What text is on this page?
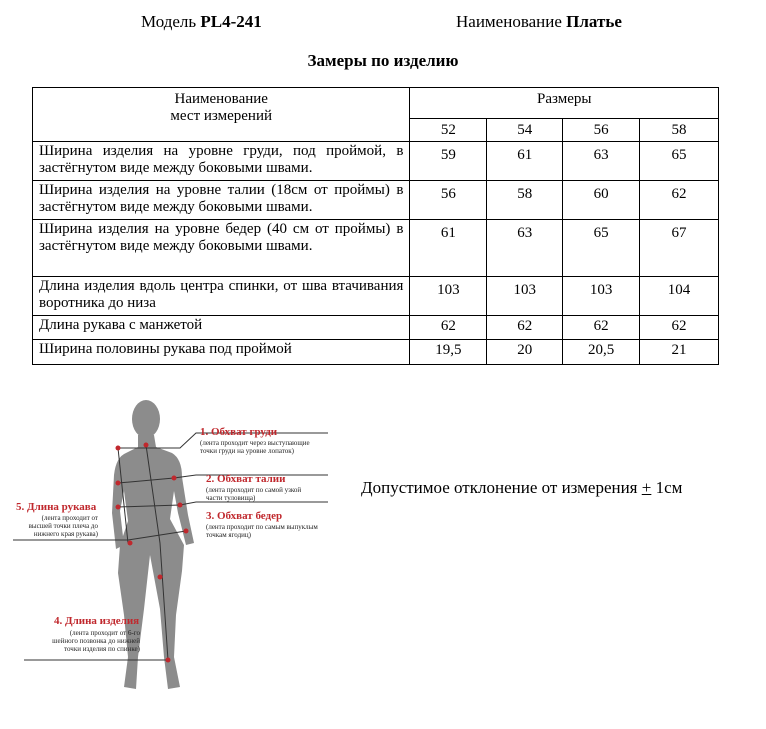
Модель PL4-241	Наименование Платье
Замеры по изделию
Наименование
мест измерений	Размеры			
	52	54	56	58
Ширина изделия на уровне груди, под проймой, в застёгнутом виде между боковыми швами.	59	61	63	65
Ширина изделия на уровне талии (18см от проймы) в застёгнутом виде между боковыми швами.	56	58	60	62
Ширина изделия на уровне бедер (40 см от проймы) в застёгнутом виде между боковыми швами.	61	63	65	67
Длина изделия вдоль центра спинки, от шва втачивания воротника до низа	103	103	103	104
Длина рукава с манжетой	62	62	62	62
Ширина половины рукава под проймой	19,5	20	20,5	21
Допустимое отклонение от измерения + 1см
1. Обхват груди
(лента проходит через выступающие
точки груди на уровне лопаток)
2. Обхват талии
(лента проходит по самой узкой
части туловища)
3. Обхват бедер
(лента проходит по самым выпуклым
точкам ягодиц)
5. Длина рукава
(лента проходит от
высшей точки плеча до
нижнего края рукава)
4. Длина изделия
(лента проходит от 6-го
шейного позвонка до нижней
точки изделия по спинке)
